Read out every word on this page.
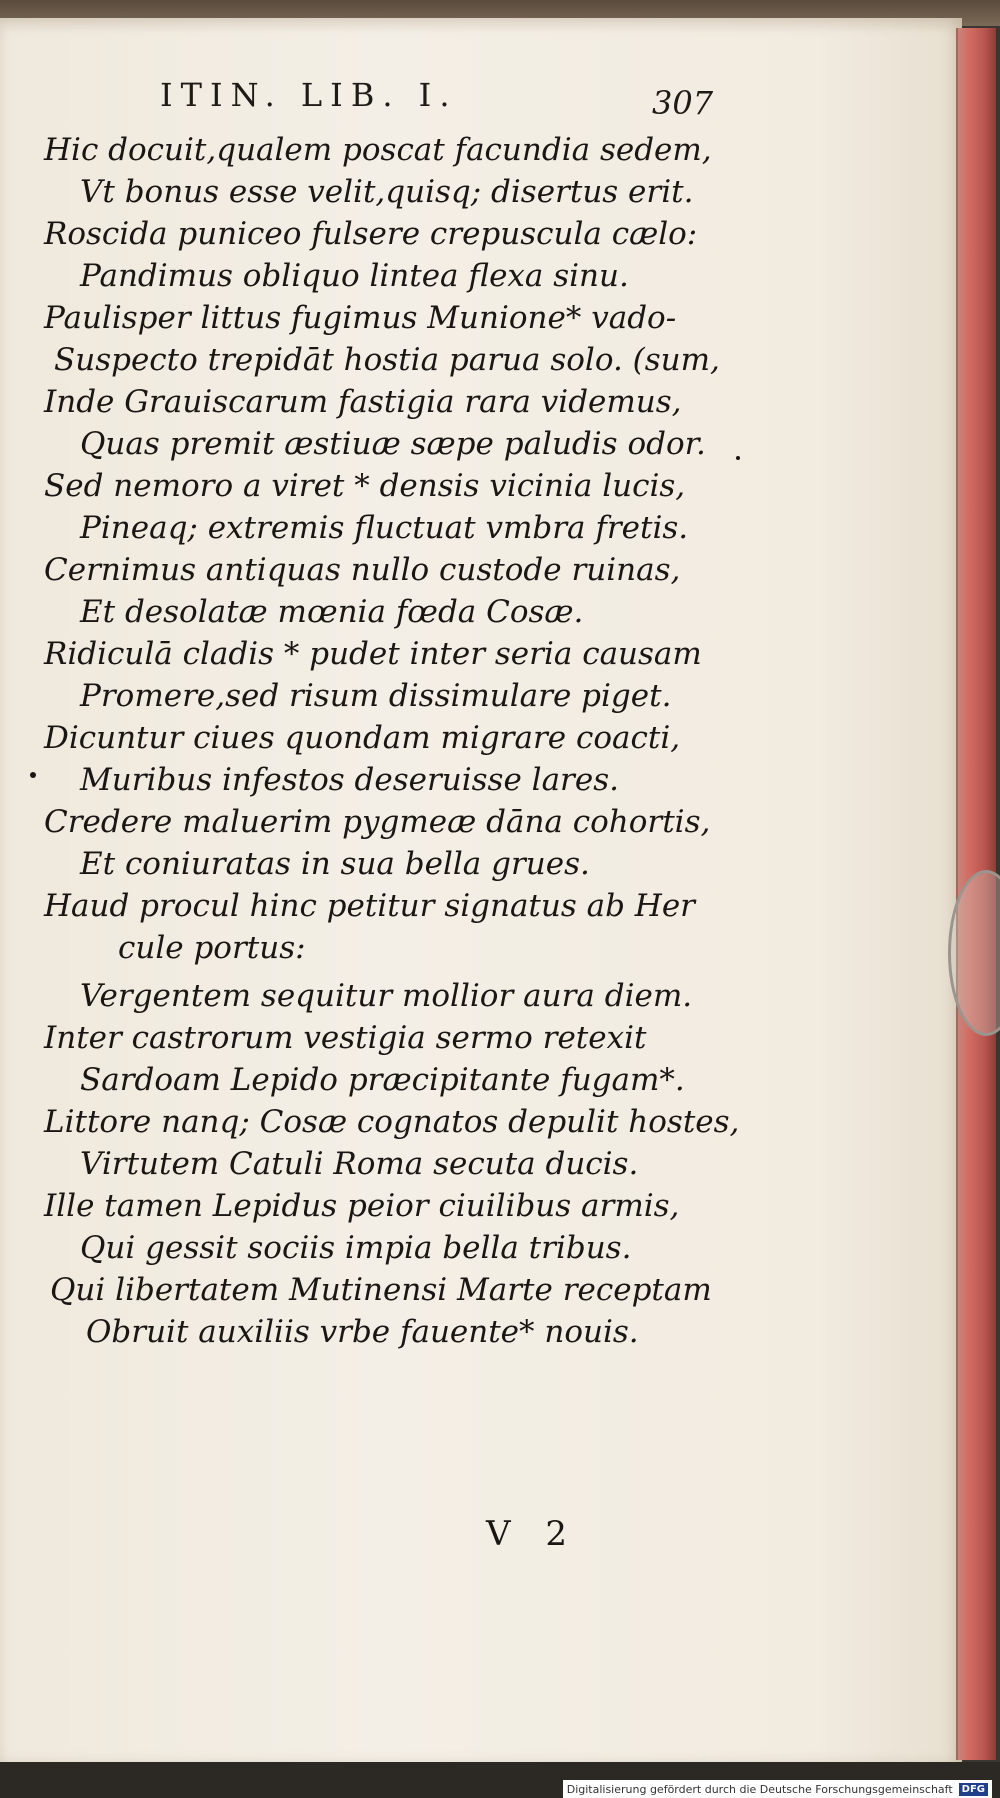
ITIN. LIB. I.	307
Hic docuit,qualem poscat facundia sedem,
Vt bonus esse velit,quisq; disertus erit.
Roscida puniceo fulsere crepuscula cælo:
Pandimus obliquo lintea flexa sinu.
Paulisper littus fugimus Munione* vado-
Suspecto trepidāt hostia parua solo. (sum,
Inde Grauiscarum fastigia rara videmus,
Quas premit æstiuæ sæpe paludis odor.
Sed nemoro a viret * densis vicinia lucis,
Pineaq; extremis fluctuat vmbra fretis.
Cernimus antiquas nullo custode ruinas,
Et desolatæ mœnia fœda Cosæ.
Ridiculā cladis * pudet inter seria causam
Promere,sed risum dissimulare piget.
Dicuntur ciues quondam migrare coacti,
Muribus infestos deseruisse lares.
Credere maluerim pygmeæ dāna cohortis,
Et coniuratas in sua bella grues.
Haud procul hinc petitur signatus ab Her
cule portus:
Vergentem sequitur mollior aura diem.
Inter castrorum vestigia sermo retexit
Sardoam Lepido præcipitante fugam*.
Littore nanq; Cosæ cognatos depulit hostes,
Virtutem Catuli Roma secuta ducis.
Ille tamen Lepidus peior ciuilibus armis,
Qui gessit sociis impia bella tribus.
Qui libertatem Mutinensi Marte receptam
Obruit auxiliis vrbe fauente* nouis.
V 2
Digitalisierung gefördert durch die Deutsche Forschungsgemeinschaft DFG
